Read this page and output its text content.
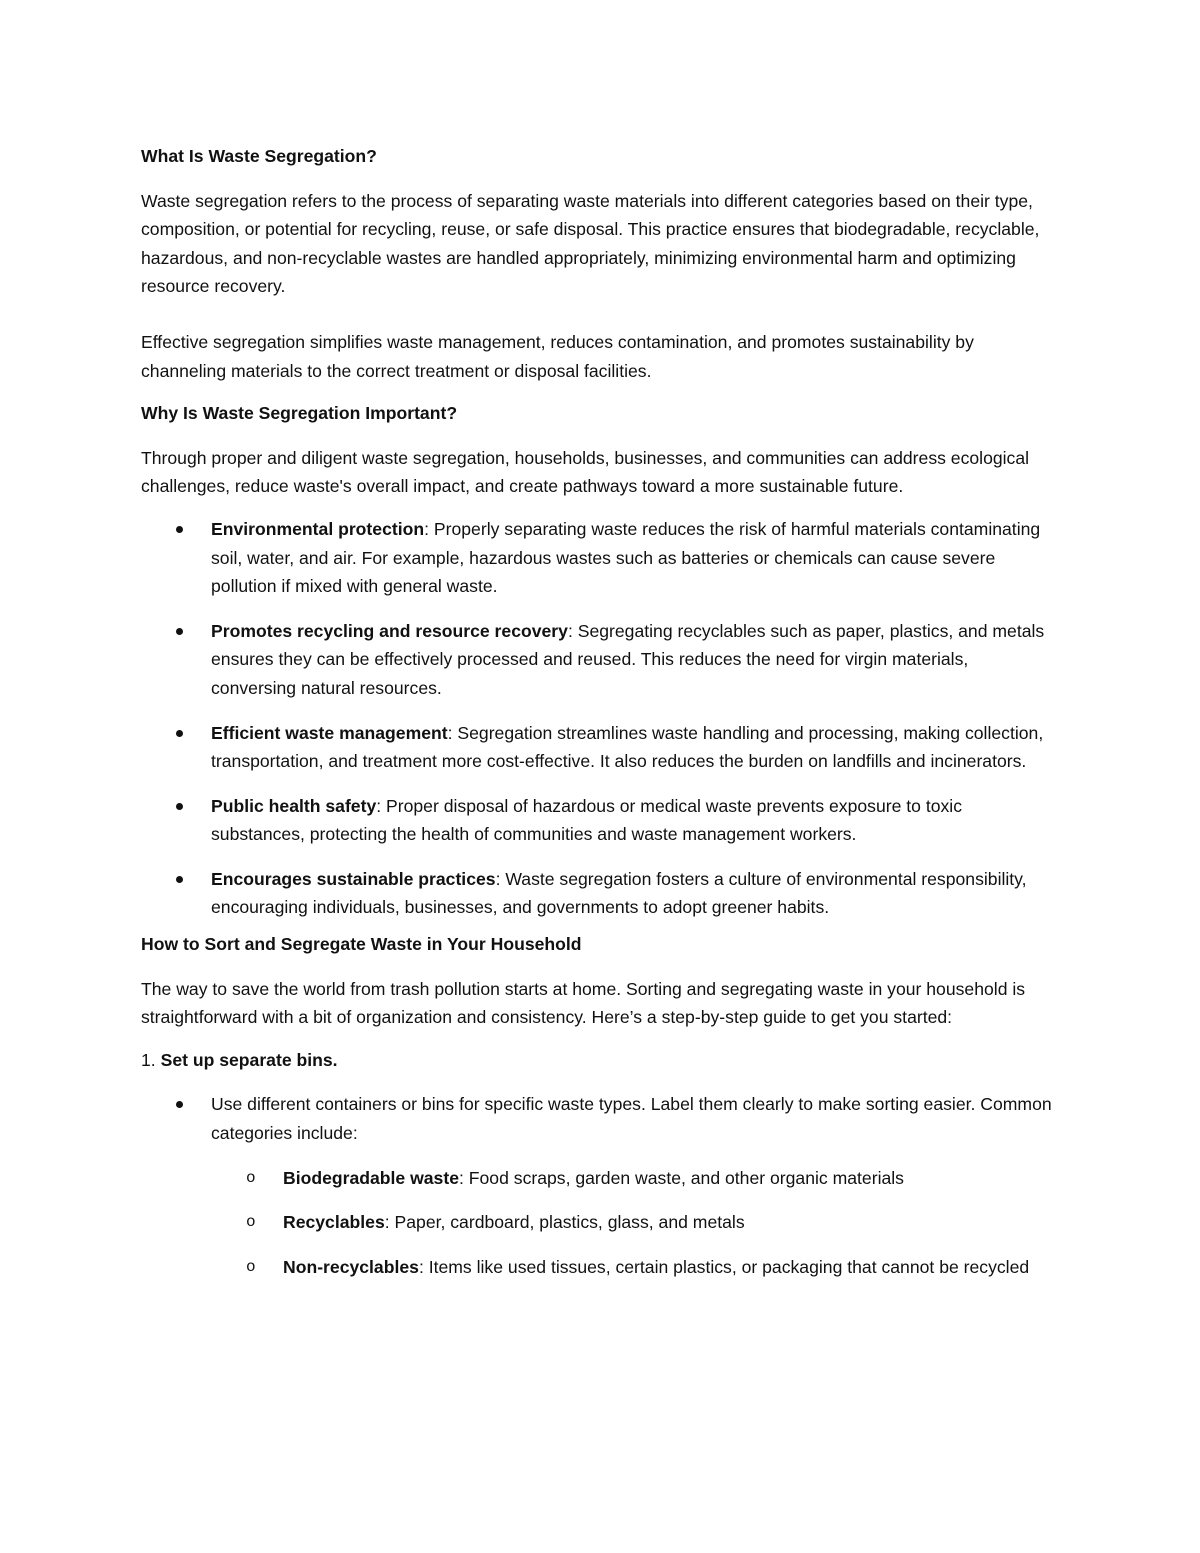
What Is Waste Segregation?

Waste segregation refers to the process of separating waste materials into different categories based on their type, composition, or potential for recycling, reuse, or safe disposal. This practice ensures that biodegradable, recyclable, hazardous, and non-recyclable wastes are handled appropriately, minimizing environmental harm and optimizing resource recovery.

Effective segregation simplifies waste management, reduces contamination, and promotes sustainability by channeling materials to the correct treatment or disposal facilities.

Why Is Waste Segregation Important?

Through proper and diligent waste segregation, households, businesses, and communities can address ecological challenges, reduce waste's overall impact, and create pathways toward a more sustainable future.

Environmental protection: Properly separating waste reduces the risk of harmful materials contaminating soil, water, and air. For example, hazardous wastes such as batteries or chemicals can cause severe pollution if mixed with general waste.
Promotes recycling and resource recovery: Segregating recyclables such as paper, plastics, and metals ensures they can be effectively processed and reused. This reduces the need for virgin materials, conversing natural resources.
Efficient waste management: Segregation streamlines waste handling and processing, making collection, transportation, and treatment more cost-effective. It also reduces the burden on landfills and incinerators.
Public health safety: Proper disposal of hazardous or medical waste prevents exposure to toxic substances, protecting the health of communities and waste management workers.
Encourages sustainable practices: Waste segregation fosters a culture of environmental responsibility, encouraging individuals, businesses, and governments to adopt greener habits.
How to Sort and Segregate Waste in Your Household

The way to save the world from trash pollution starts at home. Sorting and segregating waste in your household is straightforward with a bit of organization and consistency. Here’s a step-by-step guide to get you started:

1. Set up separate bins.

Use different containers or bins for specific waste types. Label them clearly to make sorting easier. Common categories include:
o Biodegradable waste: Food scraps, garden waste, and other organic materials
o Recyclables: Paper, cardboard, plastics, glass, and metals
o Non-recyclables: Items like used tissues, certain plastics, or packaging that cannot be recycled
